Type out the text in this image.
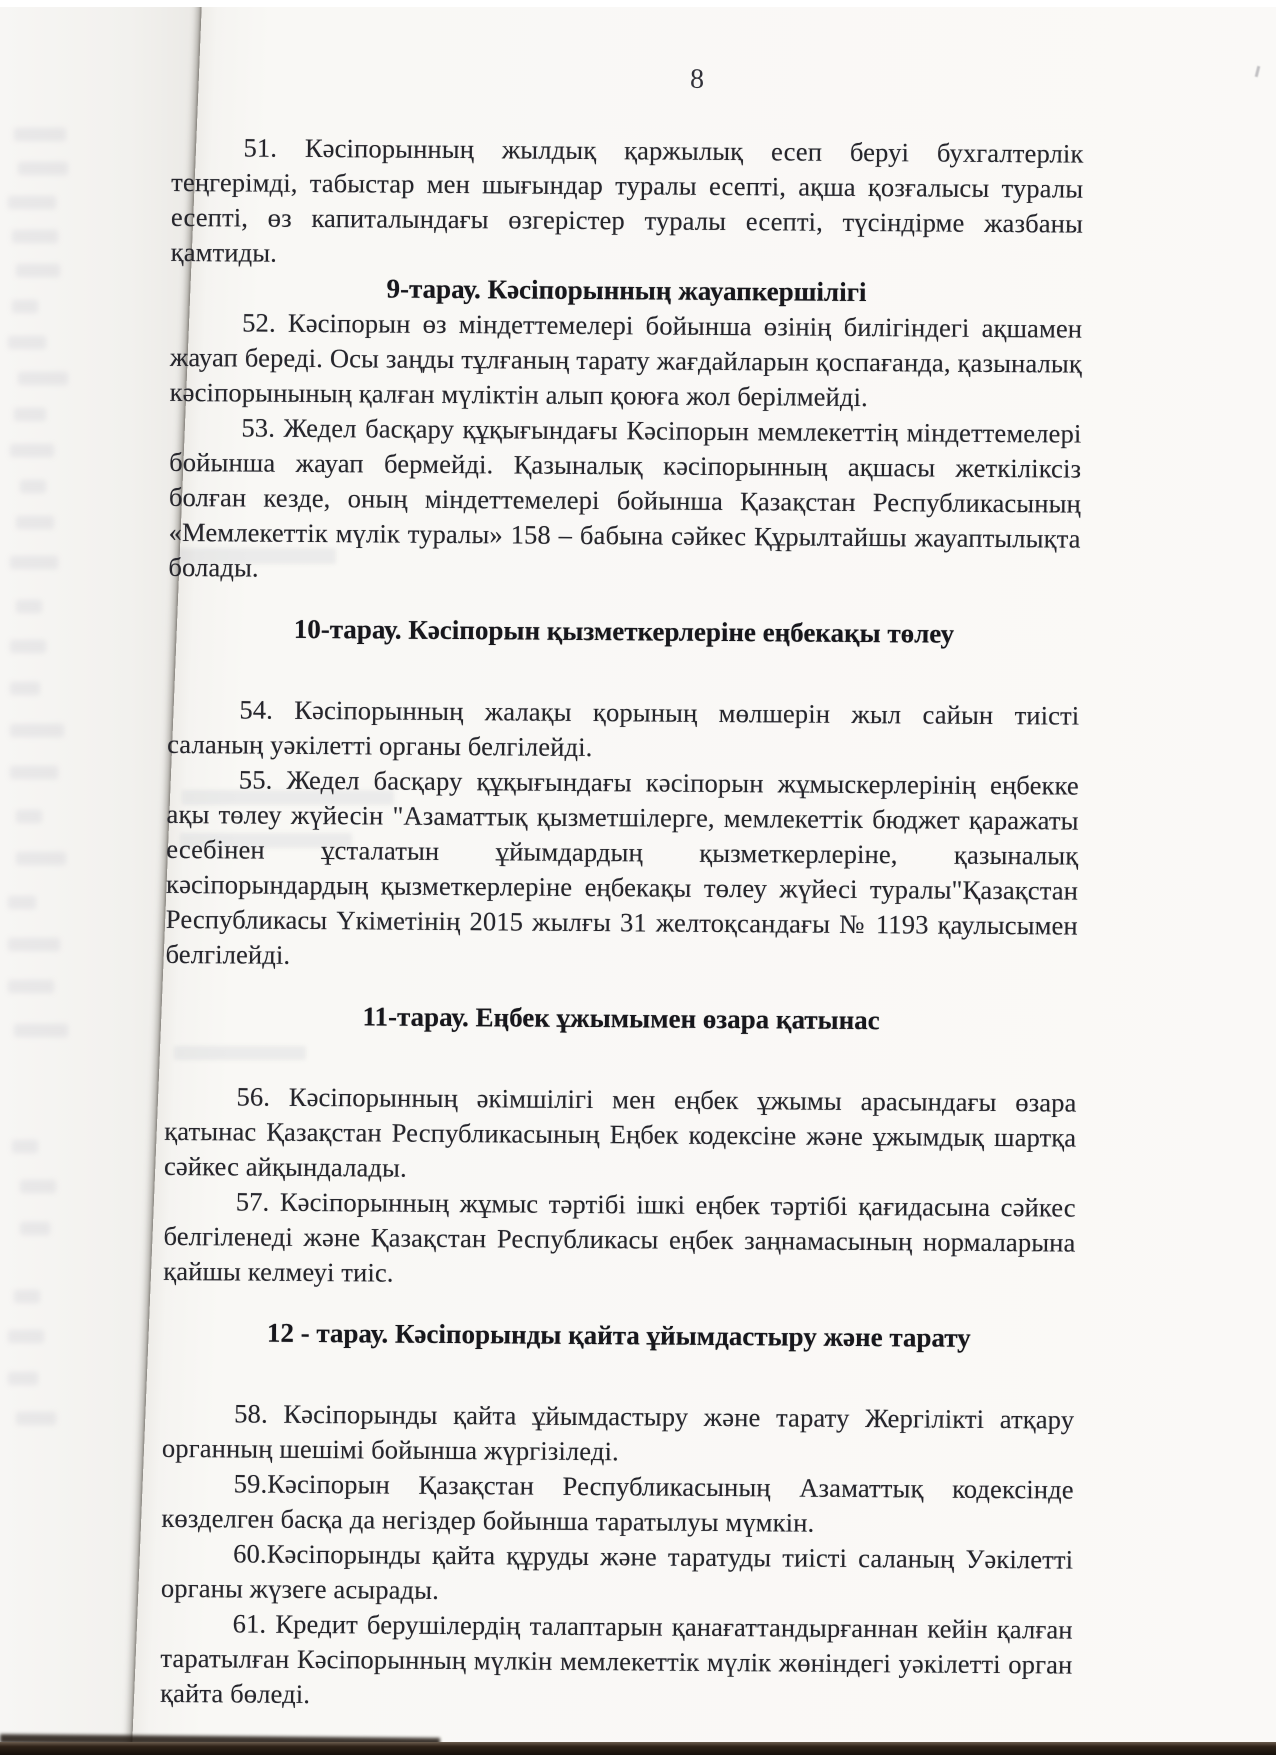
8
51. Кәсіпорынның жылдық қаржылық есеп беруі бухгалтерлік теңгерімді, табыстар мен шығындар туралы есепті, ақша қозғалысы туралы есепті, өз капиталындағы өзгерістер туралы есепті, түсіндірме жазбаны қамтиды.
9-тарау. Кәсіпорынның жауапкершілігі
52. Кәсіпорын өз міндеттемелері бойынша өзінің билігіндегі ақшамен жауап береді. Осы заңды тұлғаның тарату жағдайларын қоспағанда, қазыналық кәсіпорынының қалған мүліктін алып қоюға жол берілмейді.
53. Жедел басқару құқығындағы Кәсіпорын мемлекеттің міндеттемелері бойынша жауап бермейді. Қазыналық кәсіпорынның ақшасы жеткіліксіз болған кезде, оның міндеттемелері бойынша Қазақстан Республикасының «Мемлекеттік мүлік туралы» 158 – бабына сәйкес Құрылтайшы жауаптылықта болады.
10-тарау. Кәсіпорын қызметкерлеріне еңбекақы төлеу
54. Кәсіпорынның жалақы қорының мөлшерін жыл сайын тиісті саланың уәкілетті органы белгілейді.
55. Жедел басқару құқығындағы кәсіпорын жұмыскерлерінің еңбекке ақы төлеу жүйесін "Азаматтық қызметшілерге, мемлекеттік бюджет қаражаты есебінен ұсталатын ұйымдардың қызметкерлеріне, қазыналық кәсіпорындардың қызметкерлеріне еңбекақы төлеу жүйесі туралы"Қазақстан Республикасы Үкіметінің 2015 жылғы 31 желтоқсандағы № 1193 қаулысымен белгілейді.
11-тарау. Еңбек ұжымымен өзара қатынас
56. Кәсіпорынның әкімшілігі мен еңбек ұжымы арасындағы өзара қатынас Қазақстан Республикасының Еңбек кодексіне және ұжымдық шартқа сәйкес айқындалады.
57. Кәсіпорынның жұмыс тәртібі ішкі еңбек тәртібі қағидасына сәйкес белгіленеді және Қазақстан Республикасы еңбек заңнамасының нормаларына қайшы келмеуі тиіс.
12 - тарау. Кәсіпорынды қайта ұйымдастыру және тарату
58. Кәсіпорынды қайта ұйымдастыру және тарату Жергілікті атқару органның шешімі бойынша жүргізіледі.
59.Кәсіпорын Қазақстан Республикасының Азаматтық кодексінде көзделген басқа да негіздер бойынша таратылуы мүмкін.
60.Кәсіпорынды қайта құруды және таратуды тиісті саланың Уәкілетті органы жүзеге асырады.
61. Кредит берушілердің талаптарын қанағаттандырғаннан кейін қалған таратылған Кәсіпорынның мүлкін мемлекеттік мүлік жөніндегі уәкілетті орган қайта бөледі.
